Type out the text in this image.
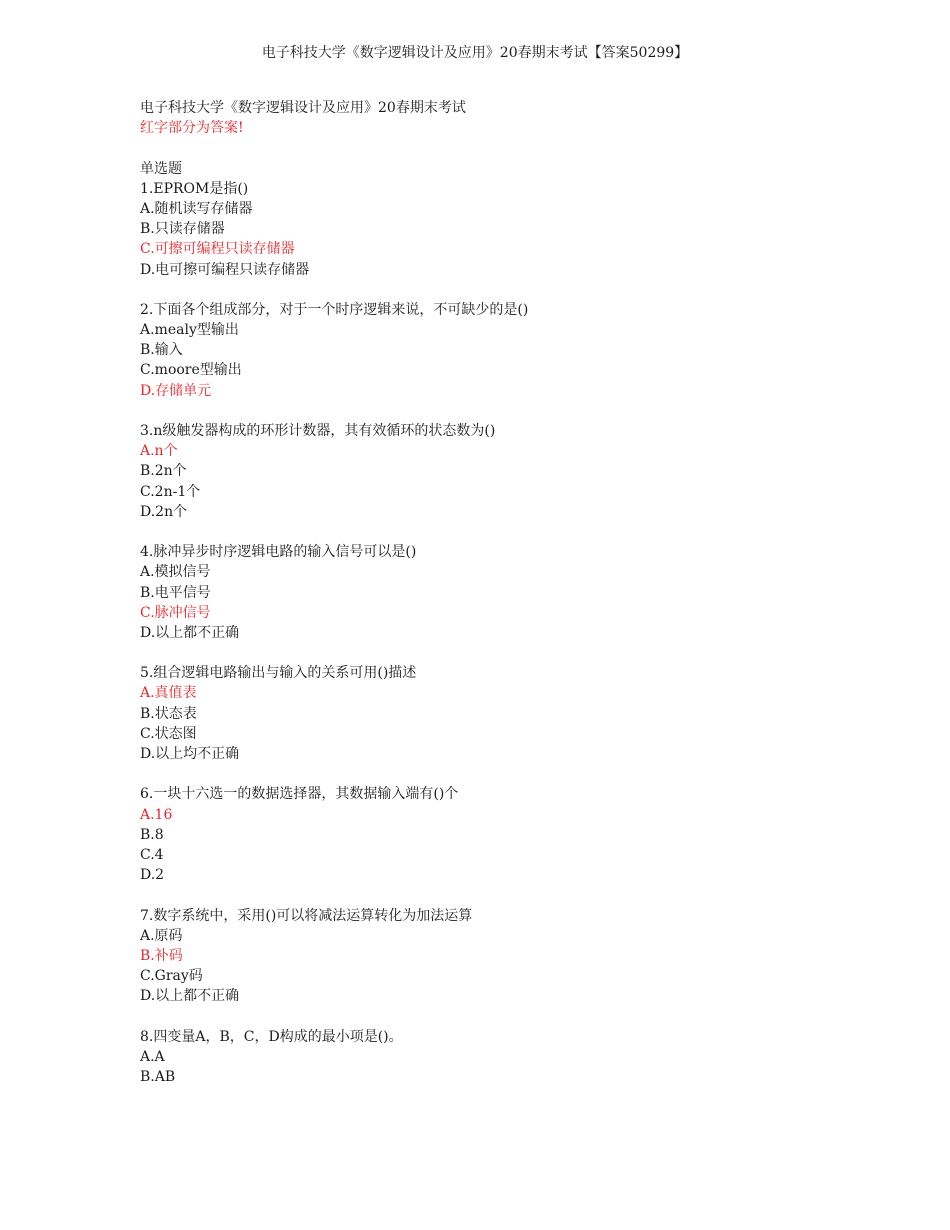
电子科技大学《数字逻辑设计及应用》20春期末考试【答案50299】
电子科技大学《数字逻辑设计及应用》20春期末考试
红字部分为答案!
单选题
1.EPROM是指()
A.随机读写存储器
B.只读存储器
C.可擦可编程只读存储器
D.电可擦可编程只读存储器
2.下面各个组成部分，对于一个时序逻辑来说，不可缺少的是()
A.mealy型输出
B.输入
C.moore型输出
D.存储单元
3.n级触发器构成的环形计数器，其有效循环的状态数为()
A.n个
B.2n个
C.2n-1个
D.2n个
4.脉冲异步时序逻辑电路的输入信号可以是()
A.模拟信号
B.电平信号
C.脉冲信号
D.以上都不正确
5.组合逻辑电路输出与输入的关系可用()描述
A.真值表
B.状态表
C.状态图
D.以上均不正确
6.一块十六选一的数据选择器，其数据输入端有()个
A.16
B.8
C.4
D.2
7.数字系统中，采用()可以将减法运算转化为加法运算
A.原码
B.补码
C.Gray码
D.以上都不正确
8.四变量A，B，C，D构成的最小项是()。
A.A
B.AB
